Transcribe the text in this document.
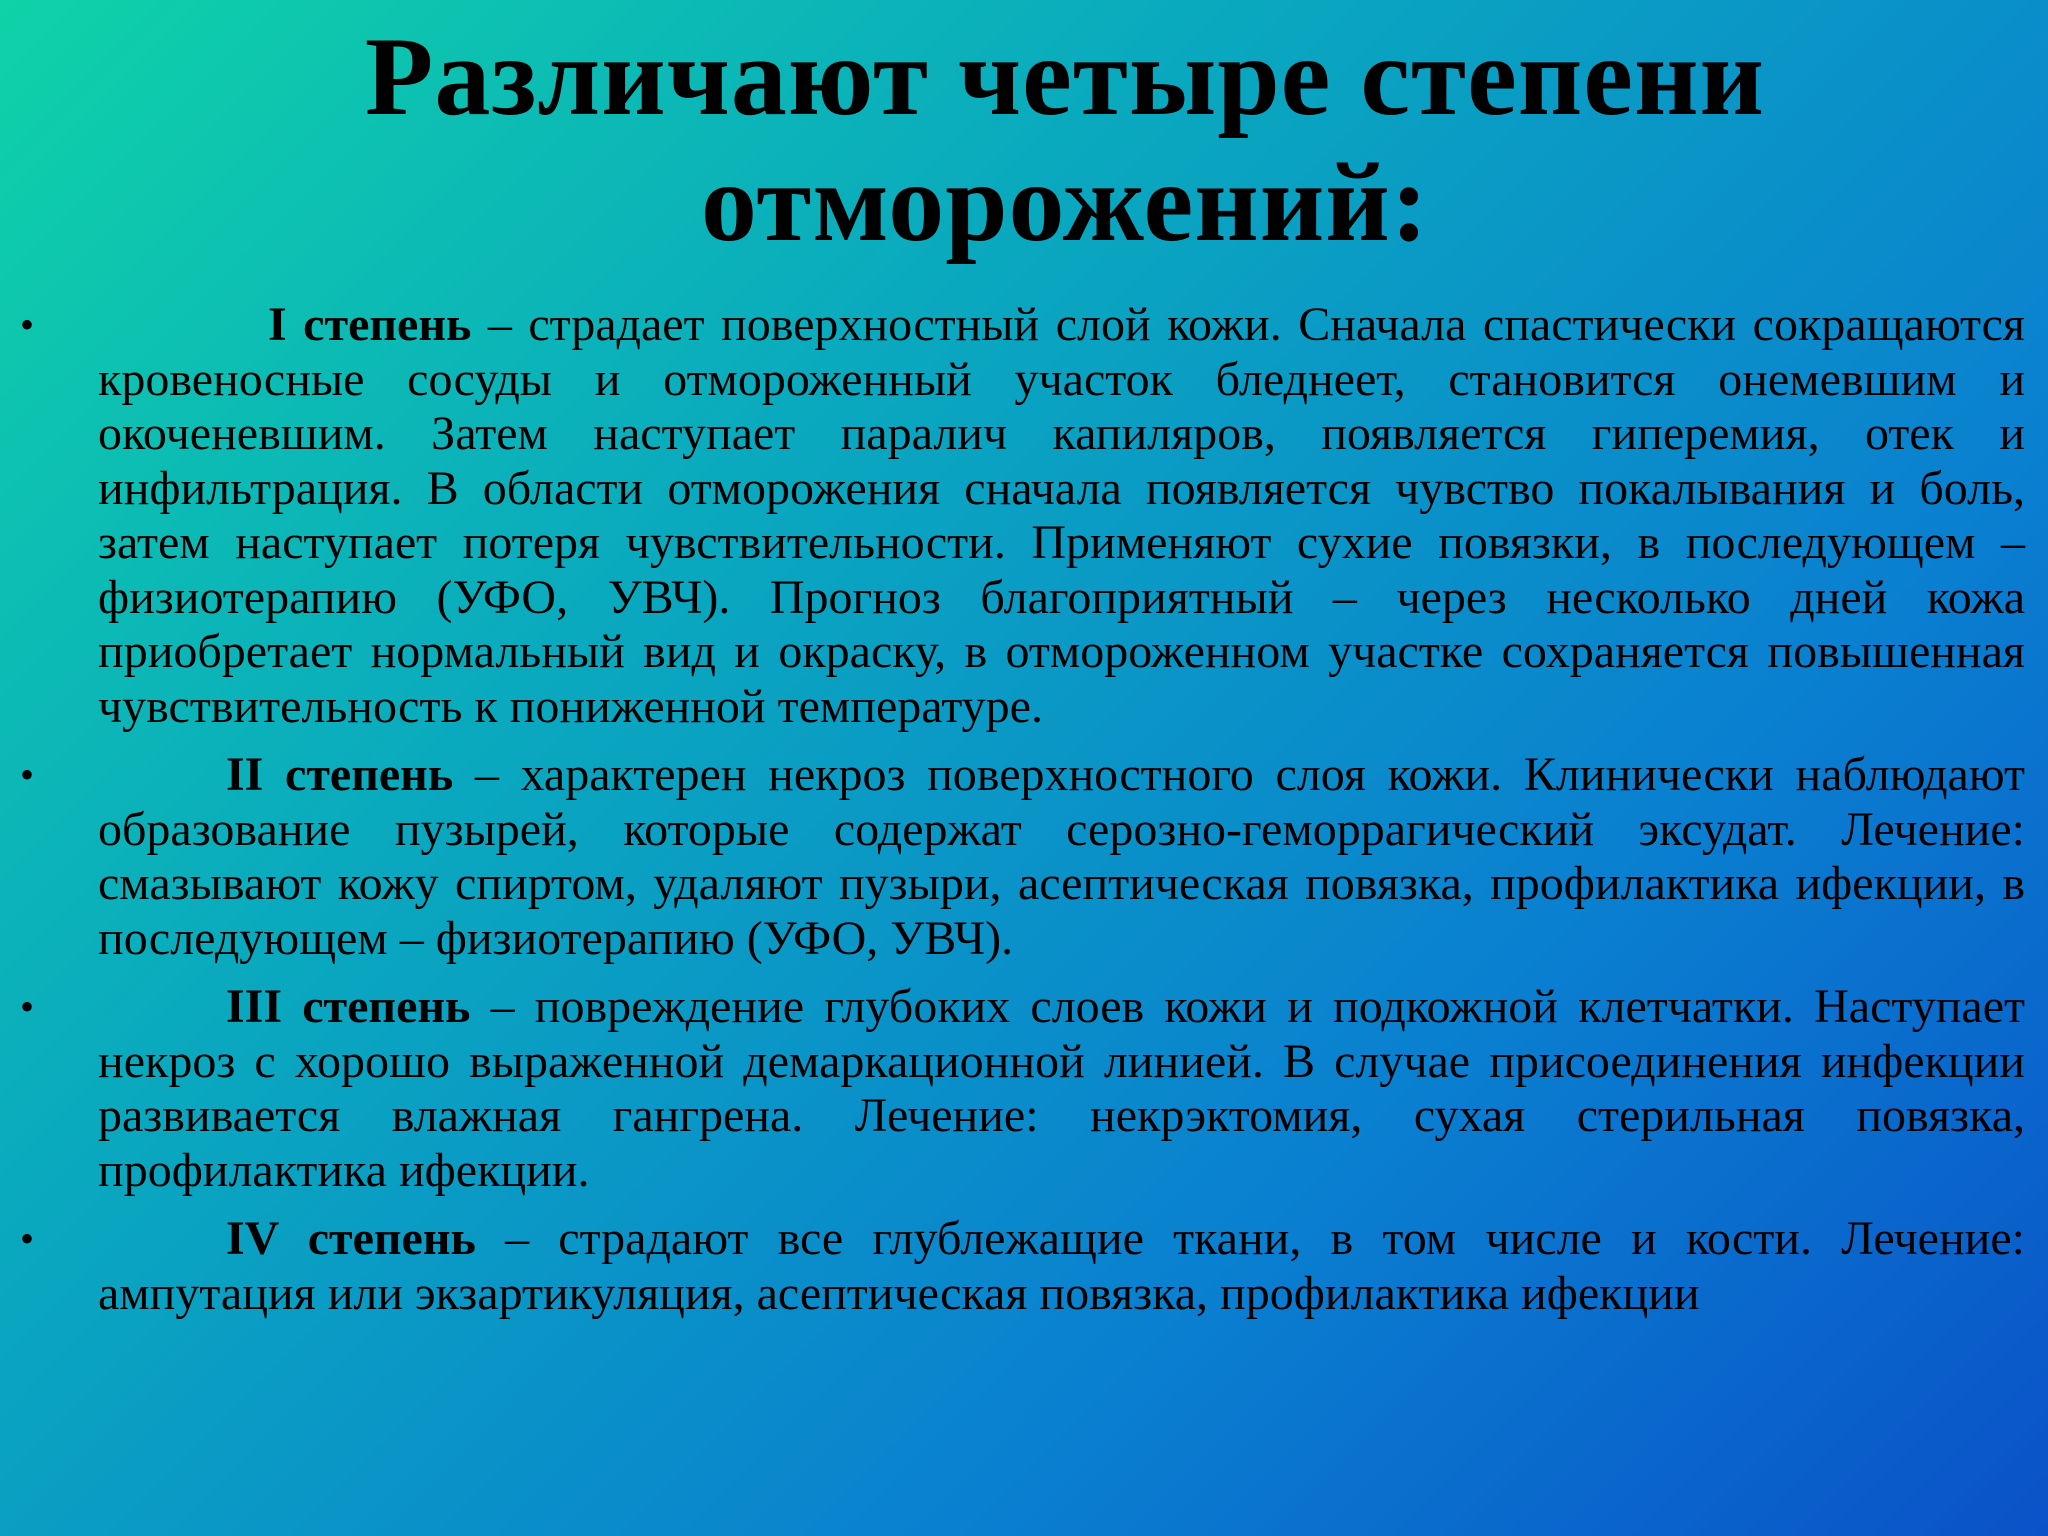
Различают четыре степени
отморожений:
•	I степень – страдает поверхностный слой кожи. Сначала спастически сокращаются кровеносные сосуды и отмороженный участок бледнеет, становится онемевшим и окоченевшим. Затем наступает паралич капиляров, появляется гиперемия, отек и инфильтрация. В области отморожения сначала появляется чувство покалывания и боль, затем наступает потеря чувствительности. Применяют сухие повязки, в последующем – физиотерапию (УФО, УВЧ). Прогноз благоприятный – через несколько дней кожа приобретает нормальный вид и окраску, в отмороженном участке сохраняется повышенная чувствительность к пониженной температуре.
•	II степень – характерен некроз поверхностного слоя кожи. Клинически наблюдают образование пузырей, которые содержат серозно-геморрагический эксудат. Лечение: смазывают кожу спиртом, удаляют пузыри, асептическая повязка, профилактика ифекции, в последующем – физиотерапию (УФО, УВЧ).
•	III степень – повреждение глубоких слоев кожи и подкожной клетчатки. Наступает некроз с хорошо выраженной демаркационной линией. В случае присоединения инфекции развивается влажная гангрена. Лечение: некрэктомия, сухая стерильная повязка, профилактика ифекции.
•	IV степень – страдают все глублежащие ткани, в том числе и кости. Лечение: ампутация или экзартикуляция, асептическая повязка, профилактика ифекции
